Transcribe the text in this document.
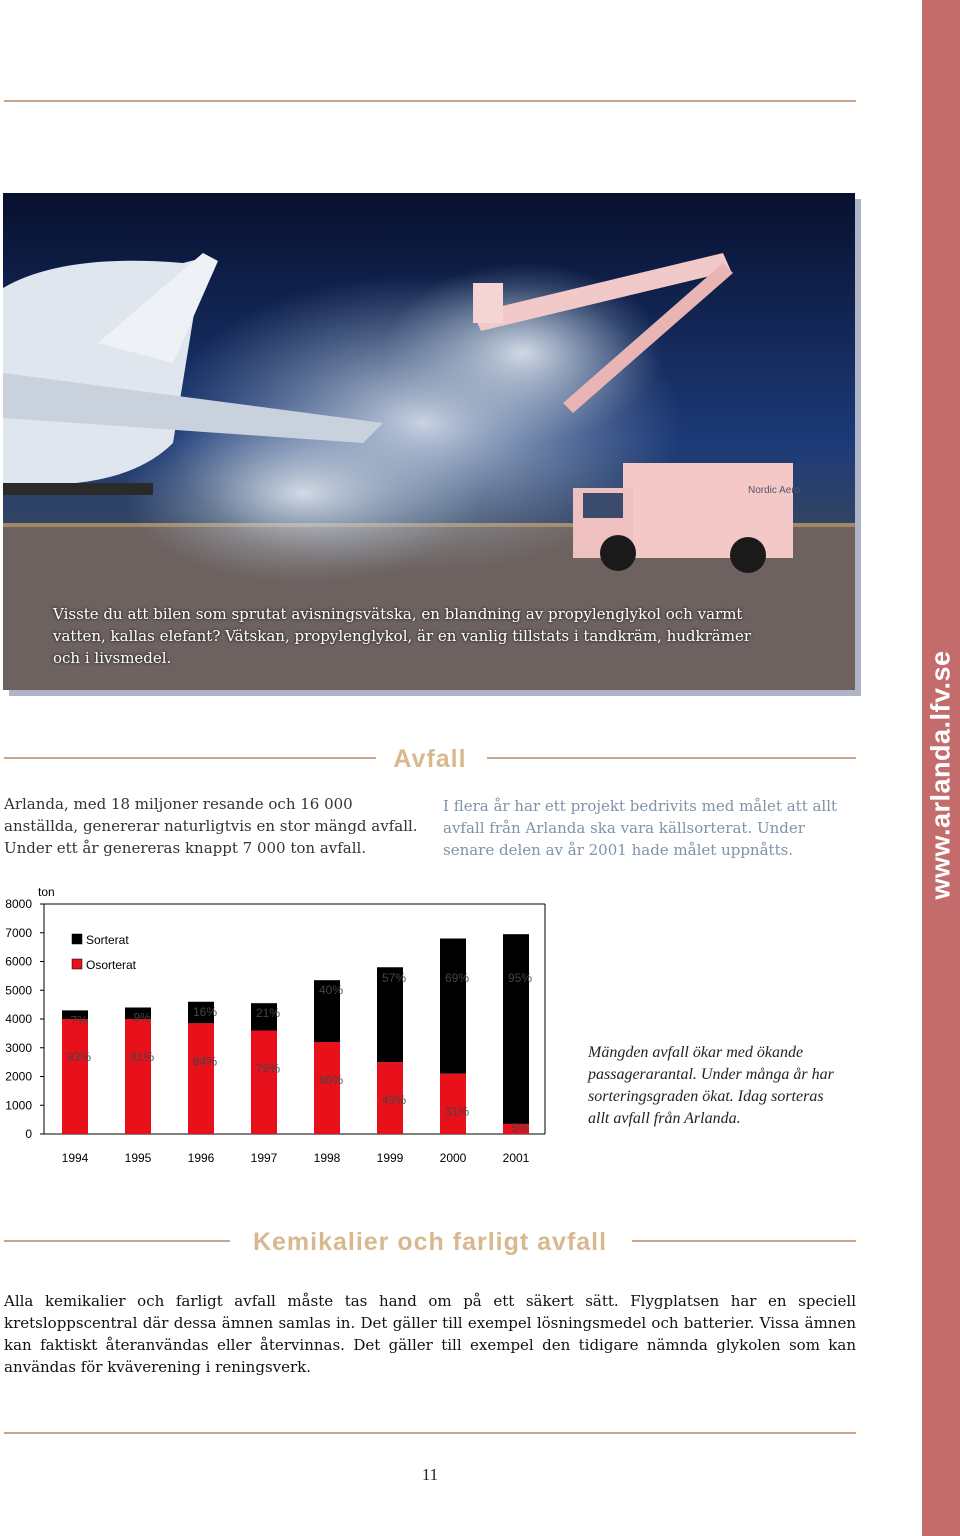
www.arlanda.lfv.se
Nordic Aero
Visste du att bilen som sprutat avisningsvätska, en blandning av propylenglykol och varmt vatten, kallas elefant? Vätskan, propylenglykol, är en vanlig tillstats i tandkräm, hudkrämer och i livsmedel.
Avfall
Arlanda, med 18 miljoner resande och 16 000 anställda, genererar naturligtvis en stor mängd avfall. Under ett år genereras knappt 7 000 ton avfall.
I flera år har ett projekt bedrivits med målet att allt avfall från Arlanda ska vara källsorterat. Under senare delen av år 2001 hade målet uppnåtts.
0
1000
2000
3000
4000
5000
6000
7000
8000
ton
1994
7%
93%
1995
9%
91%
1996
16%
84%
1997
21%
79%
1998
40%
60%
1999
57%
43%
2000
69%
31%
2001
95%
5%
Sorterat
Osorterat
Mängden avfall ökar med ökande passagerarantal. Under många år har sorteringsgraden ökat. Idag sorteras allt avfall från Arlanda.
Kemikalier och farligt avfall
Alla kemikalier och farligt avfall måste tas hand om på ett säkert sätt. Flygplatsen har en speciell kretsloppscentral där dessa ämnen samlas in. Det gäller till exempel lösningsmedel och batterier. Vissa ämnen kan faktiskt återanvändas eller återvinnas. Det gäller till exempel den tidigare nämnda glykolen som kan användas för kväverening i reningsverk.
11
